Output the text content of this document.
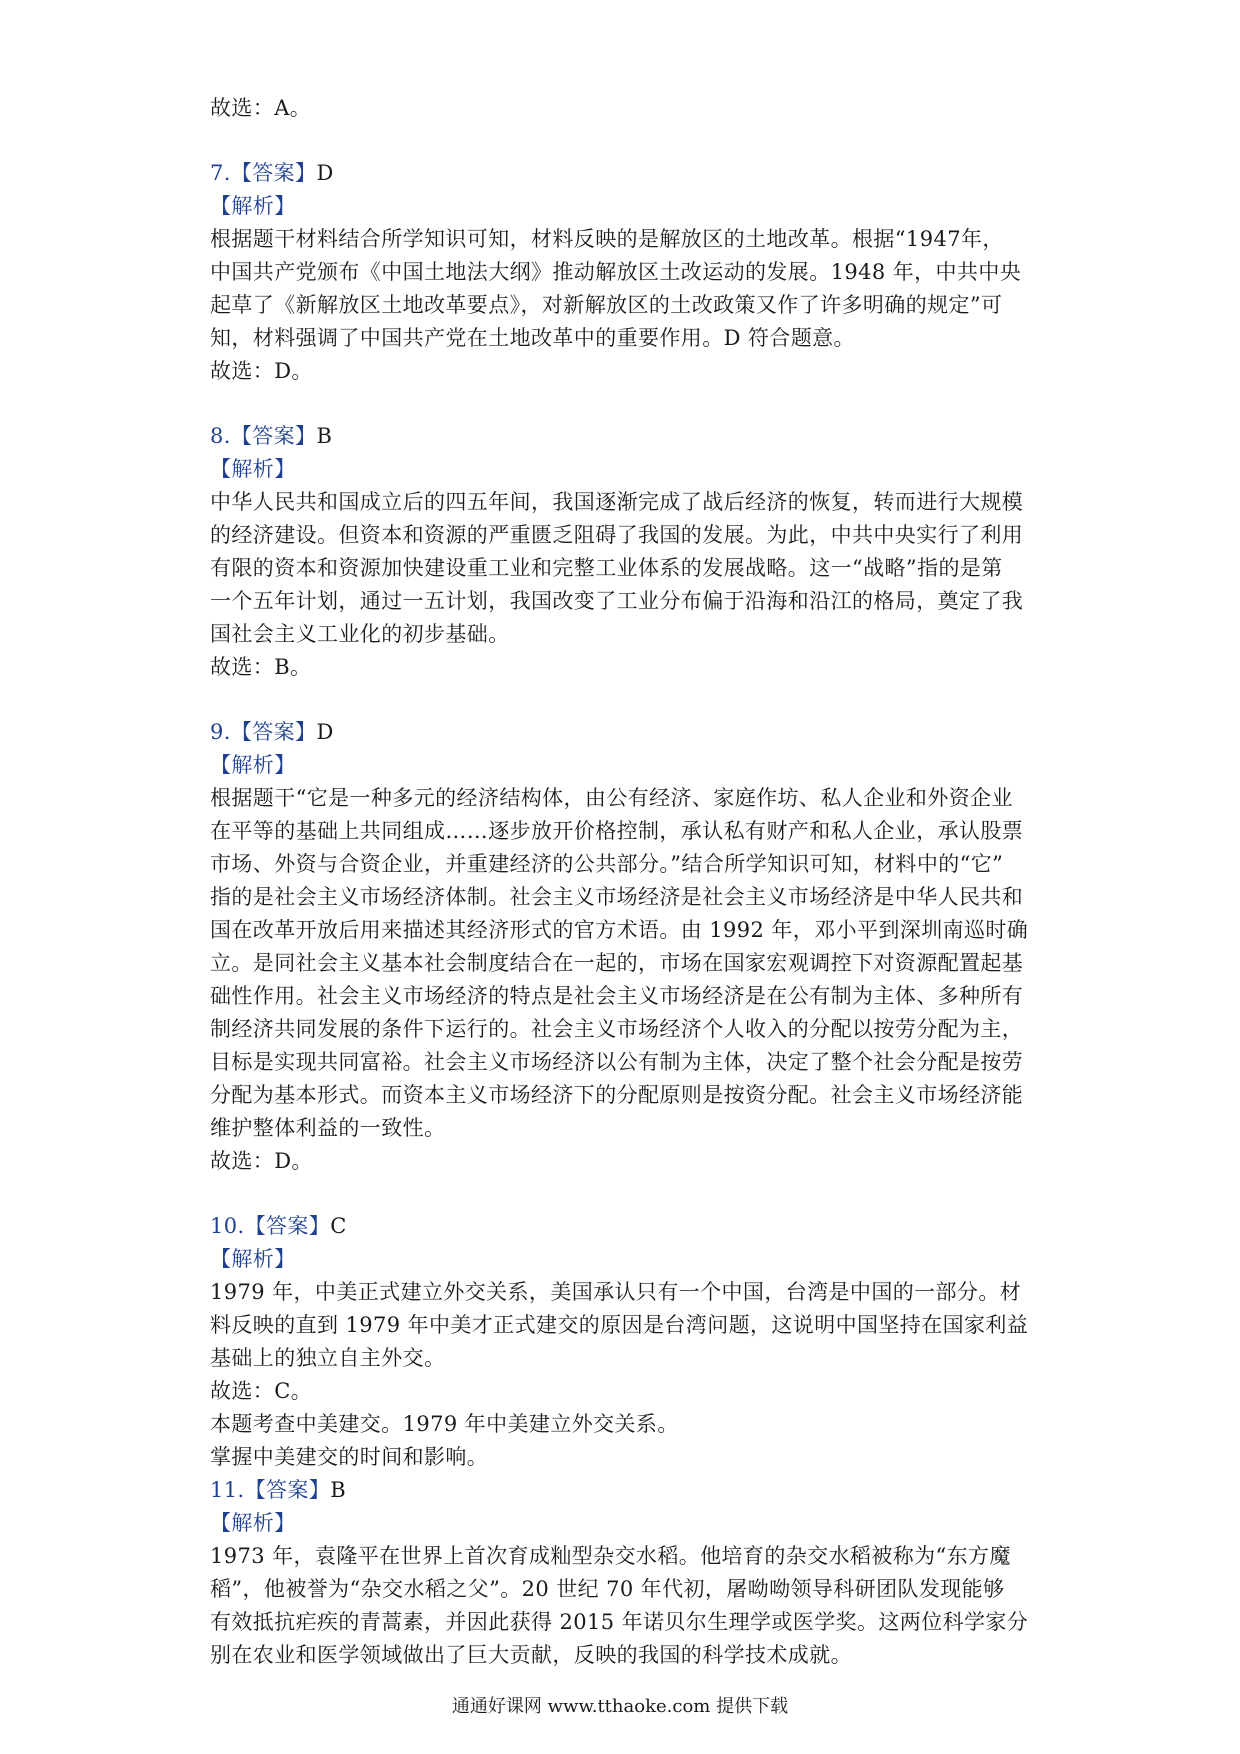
故选：A。
7.【答案】D
【解析】
根据题干材料结合所学知识可知，材料反映的是解放区的土地改革。根据“1947年，
中国共产党颁布《中国土地法大纲》推动解放区土改运动的发展。1948 年，中共中央
起草了《新解放区土地改革要点》，对新解放区的土改政策又作了许多明确的规定”可
知，材料强调了中国共产党在土地改革中的重要作用。D 符合题意。
故选：D。
8.【答案】B
【解析】
中华人民共和国成立后的四五年间，我国逐渐完成了战后经济的恢复，转而进行大规模
的经济建设。但资本和资源的严重匮乏阻碍了我国的发展。为此，中共中央实行了利用
有限的资本和资源加快建设重工业和完整工业体系的发展战略。这一“战略”指的是第
一个五年计划，通过一五计划，我国改变了工业分布偏于沿海和沿江的格局，奠定了我
国社会主义工业化的初步基础。
故选：B。
9.【答案】D
【解析】
根据题干“它是一种多元的经济结构体，由公有经济、家庭作坊、私人企业和外资企业
在平等的基础上共同组成……逐步放开价格控制，承认私有财产和私人企业，承认股票
市场、外资与合资企业，并重建经济的公共部分。”结合所学知识可知，材料中的“它”
指的是社会主义市场经济体制。社会主义市场经济是社会主义市场经济是中华人民共和
国在改革开放后用来描述其经济形式的官方术语。由 1992 年，邓小平到深圳南巡时确
立。是同社会主义基本社会制度结合在一起的，市场在国家宏观调控下对资源配置起基
础性作用。社会主义市场经济的特点是社会主义市场经济是在公有制为主体、多种所有
制经济共同发展的条件下运行的。社会主义市场经济个人收入的分配以按劳分配为主，
目标是实现共同富裕。社会主义市场经济以公有制为主体，决定了整个社会分配是按劳
分配为基本形式。而资本主义市场经济下的分配原则是按资分配。社会主义市场经济能
维护整体利益的一致性。
故选：D。
10.【答案】C
【解析】
1979 年，中美正式建立外交关系，美国承认只有一个中国，台湾是中国的一部分。材
料反映的直到 1979 年中美才正式建交的原因是台湾问题，这说明中国坚持在国家利益
基础上的独立自主外交。
故选：C。
本题考查中美建交。1979 年中美建立外交关系。
掌握中美建交的时间和影响。
11.【答案】B
【解析】
1973 年，袁隆平在世界上首次育成籼型杂交水稻。他培育的杂交水稻被称为“东方魔
稻”，他被誉为“杂交水稻之父”。20 世纪 70 年代初，屠呦呦领导科研团队发现能够
有效抵抗疟疾的青蒿素，并因此获得 2015 年诺贝尔生理学或医学奖。这两位科学家分
别在农业和医学领域做出了巨大贡献，反映的我国的科学技术成就。
通通好课网 www.tthaoke.com 提供下载
